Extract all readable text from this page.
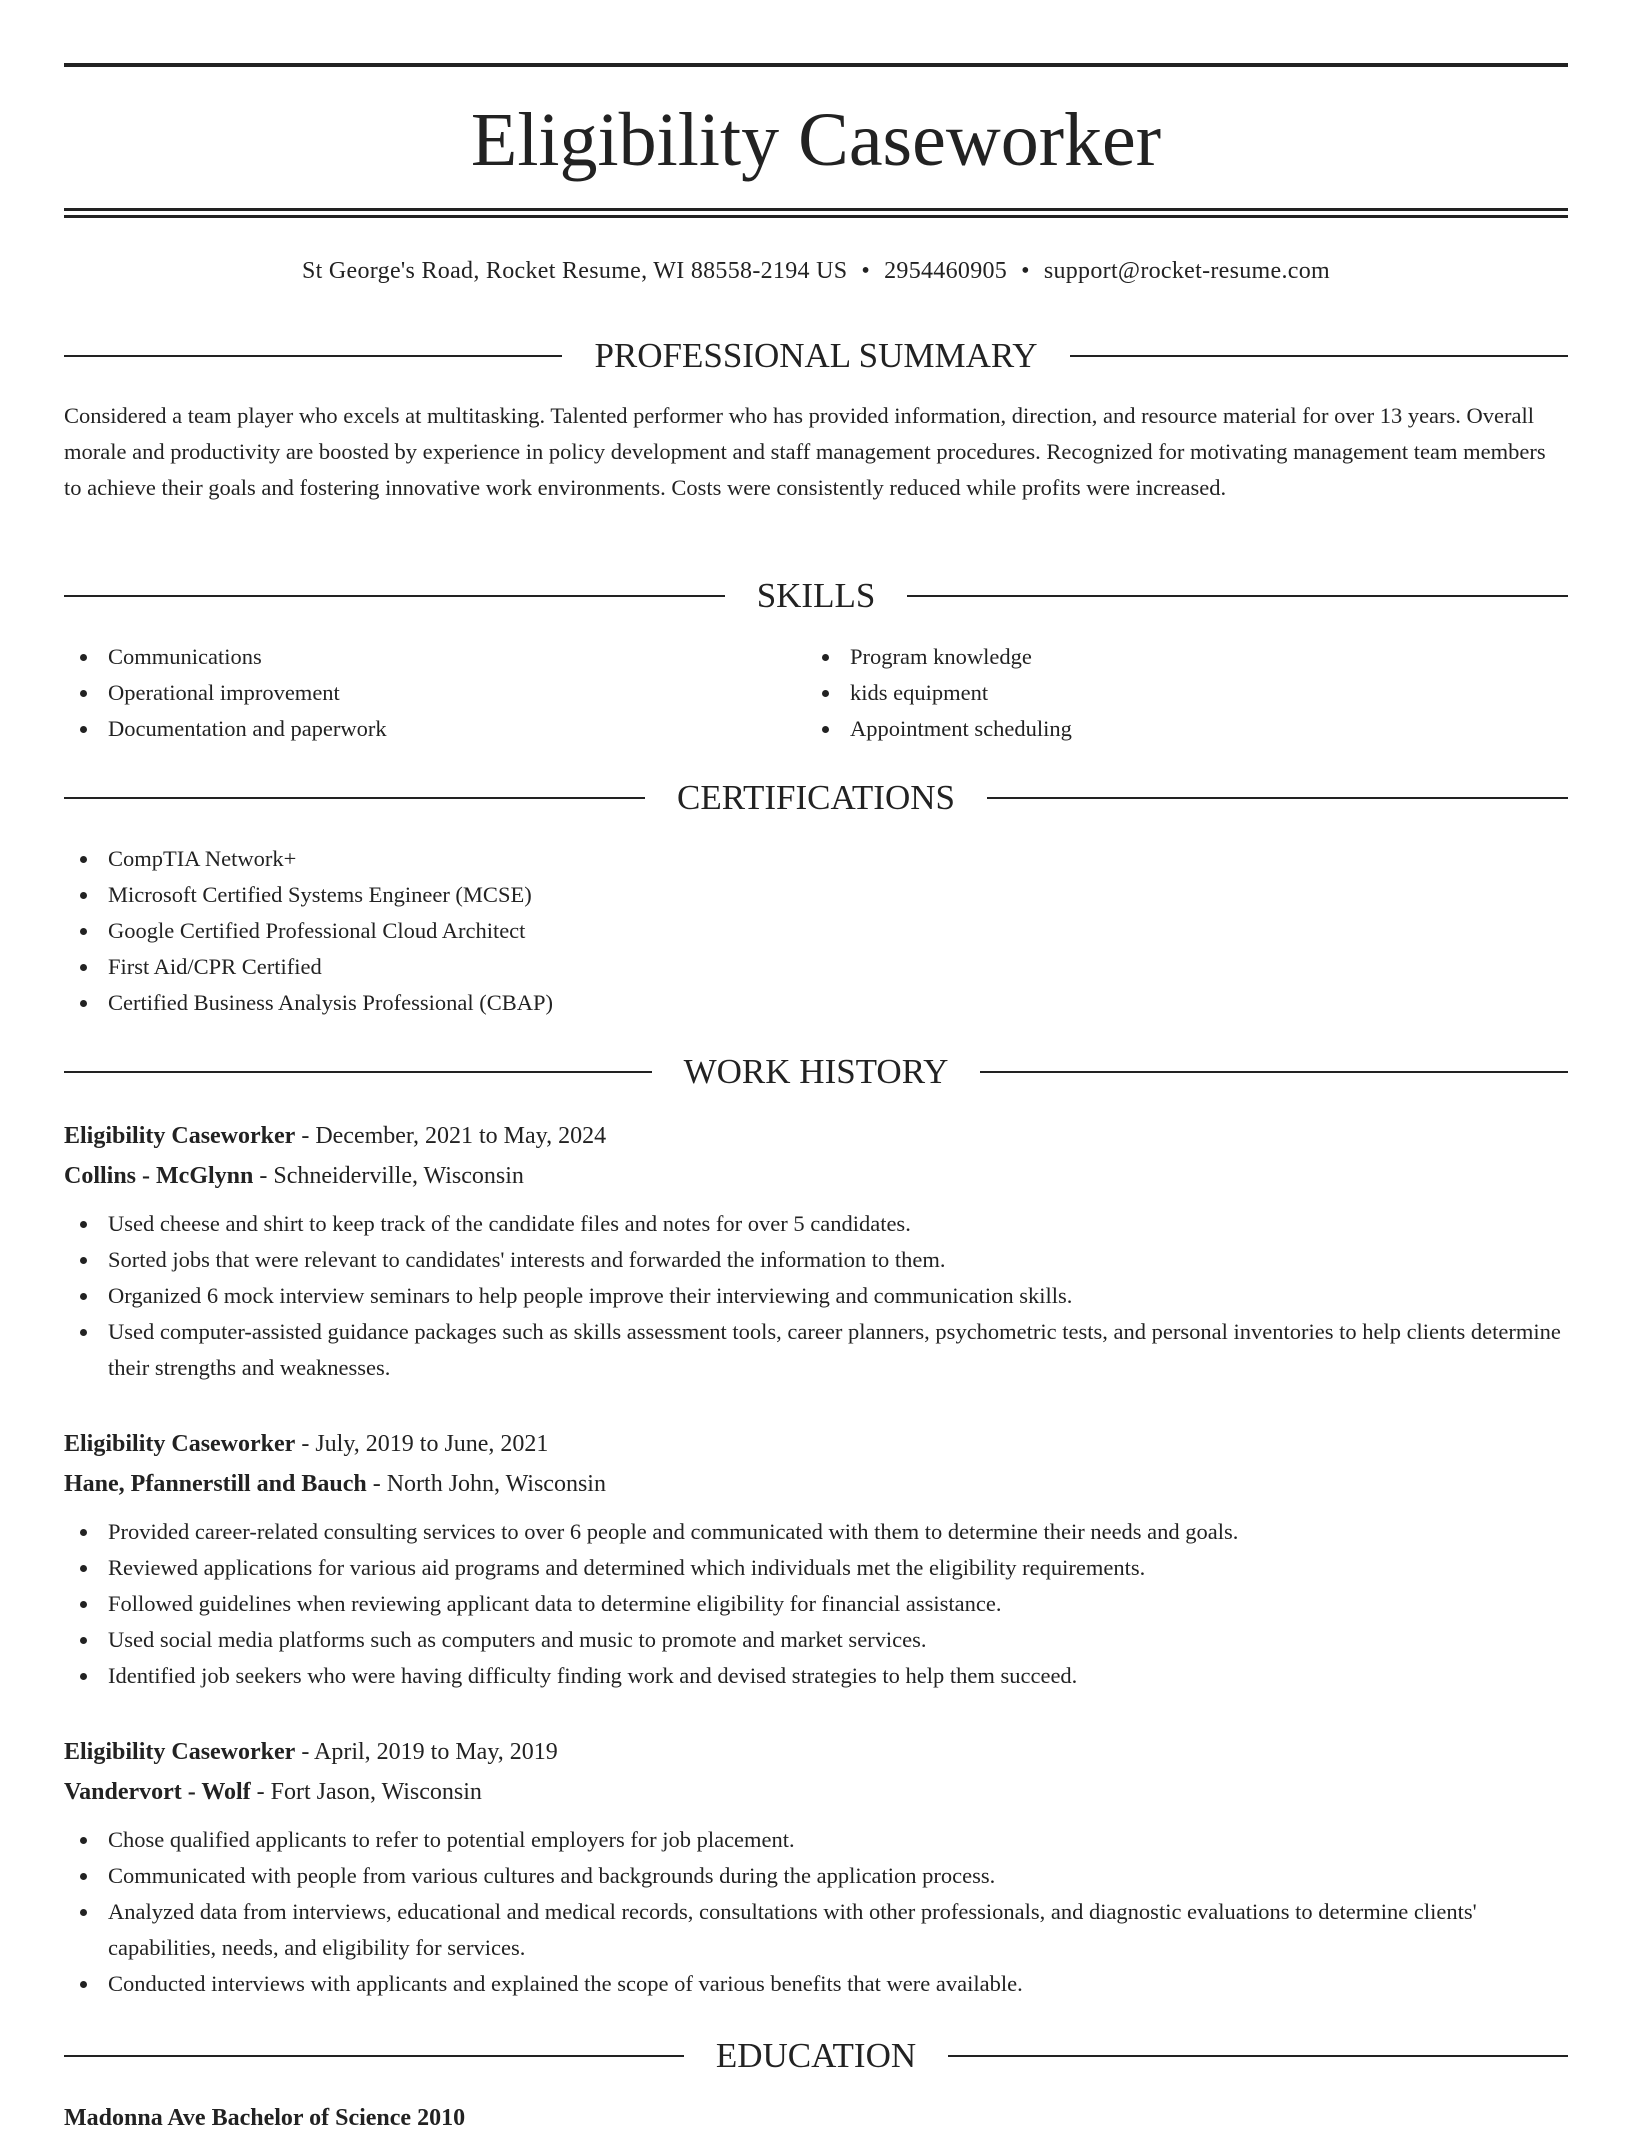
Eligibility Caseworker
St George's Road, Rocket Resume, WI 88558-2194 US • 2954460905 • support@rocket-resume.com
PROFESSIONAL SUMMARY

Considered a team player who excels at multitasking. Talented performer who has provided information, direction, and resource material for over 13 years. Overall morale and productivity are boosted by experience in policy development and staff management procedures. Recognized for motivating management team members to achieve their goals and fostering innovative work environments. Costs were consistently reduced while profits were increased.

SKILLS
Communications
Operational improvement
Documentation and paperwork
Program knowledge
kids equipment
Appointment scheduling
CERTIFICATIONS
CompTIA Network+
Microsoft Certified Systems Engineer (MCSE)
Google Certified Professional Cloud Architect
First Aid/CPR Certified
Certified Business Analysis Professional (CBAP)
WORK HISTORY
Eligibility Caseworker - December, 2021 to May, 2024
Collins - McGlynn - Schneiderville, Wisconsin
Used cheese and shirt to keep track of the candidate files and notes for over 5 candidates.
Sorted jobs that were relevant to candidates' interests and forwarded the information to them.
Organized 6 mock interview seminars to help people improve their interviewing and communication skills.
Used computer-assisted guidance packages such as skills assessment tools, career planners, psychometric tests, and personal inventories to help clients determine their strengths and weaknesses.
Eligibility Caseworker - July, 2019 to June, 2021
Hane, Pfannerstill and Bauch - North John, Wisconsin
Provided career-related consulting services to over 6 people and communicated with them to determine their needs and goals.
Reviewed applications for various aid programs and determined which individuals met the eligibility requirements.
Followed guidelines when reviewing applicant data to determine eligibility for financial assistance.
Used social media platforms such as computers and music to promote and market services.
Identified job seekers who were having difficulty finding work and devised strategies to help them succeed.
Eligibility Caseworker - April, 2019 to May, 2019
Vandervort - Wolf - Fort Jason, Wisconsin
Chose qualified applicants to refer to potential employers for job placement.
Communicated with people from various cultures and backgrounds during the application process.
Analyzed data from interviews, educational and medical records, consultations with other professionals, and diagnostic evaluations to determine clients' capabilities, needs, and eligibility for services.
Conducted interviews with applicants and explained the scope of various benefits that were available.
EDUCATION
Madonna Ave Bachelor of Science 2010
